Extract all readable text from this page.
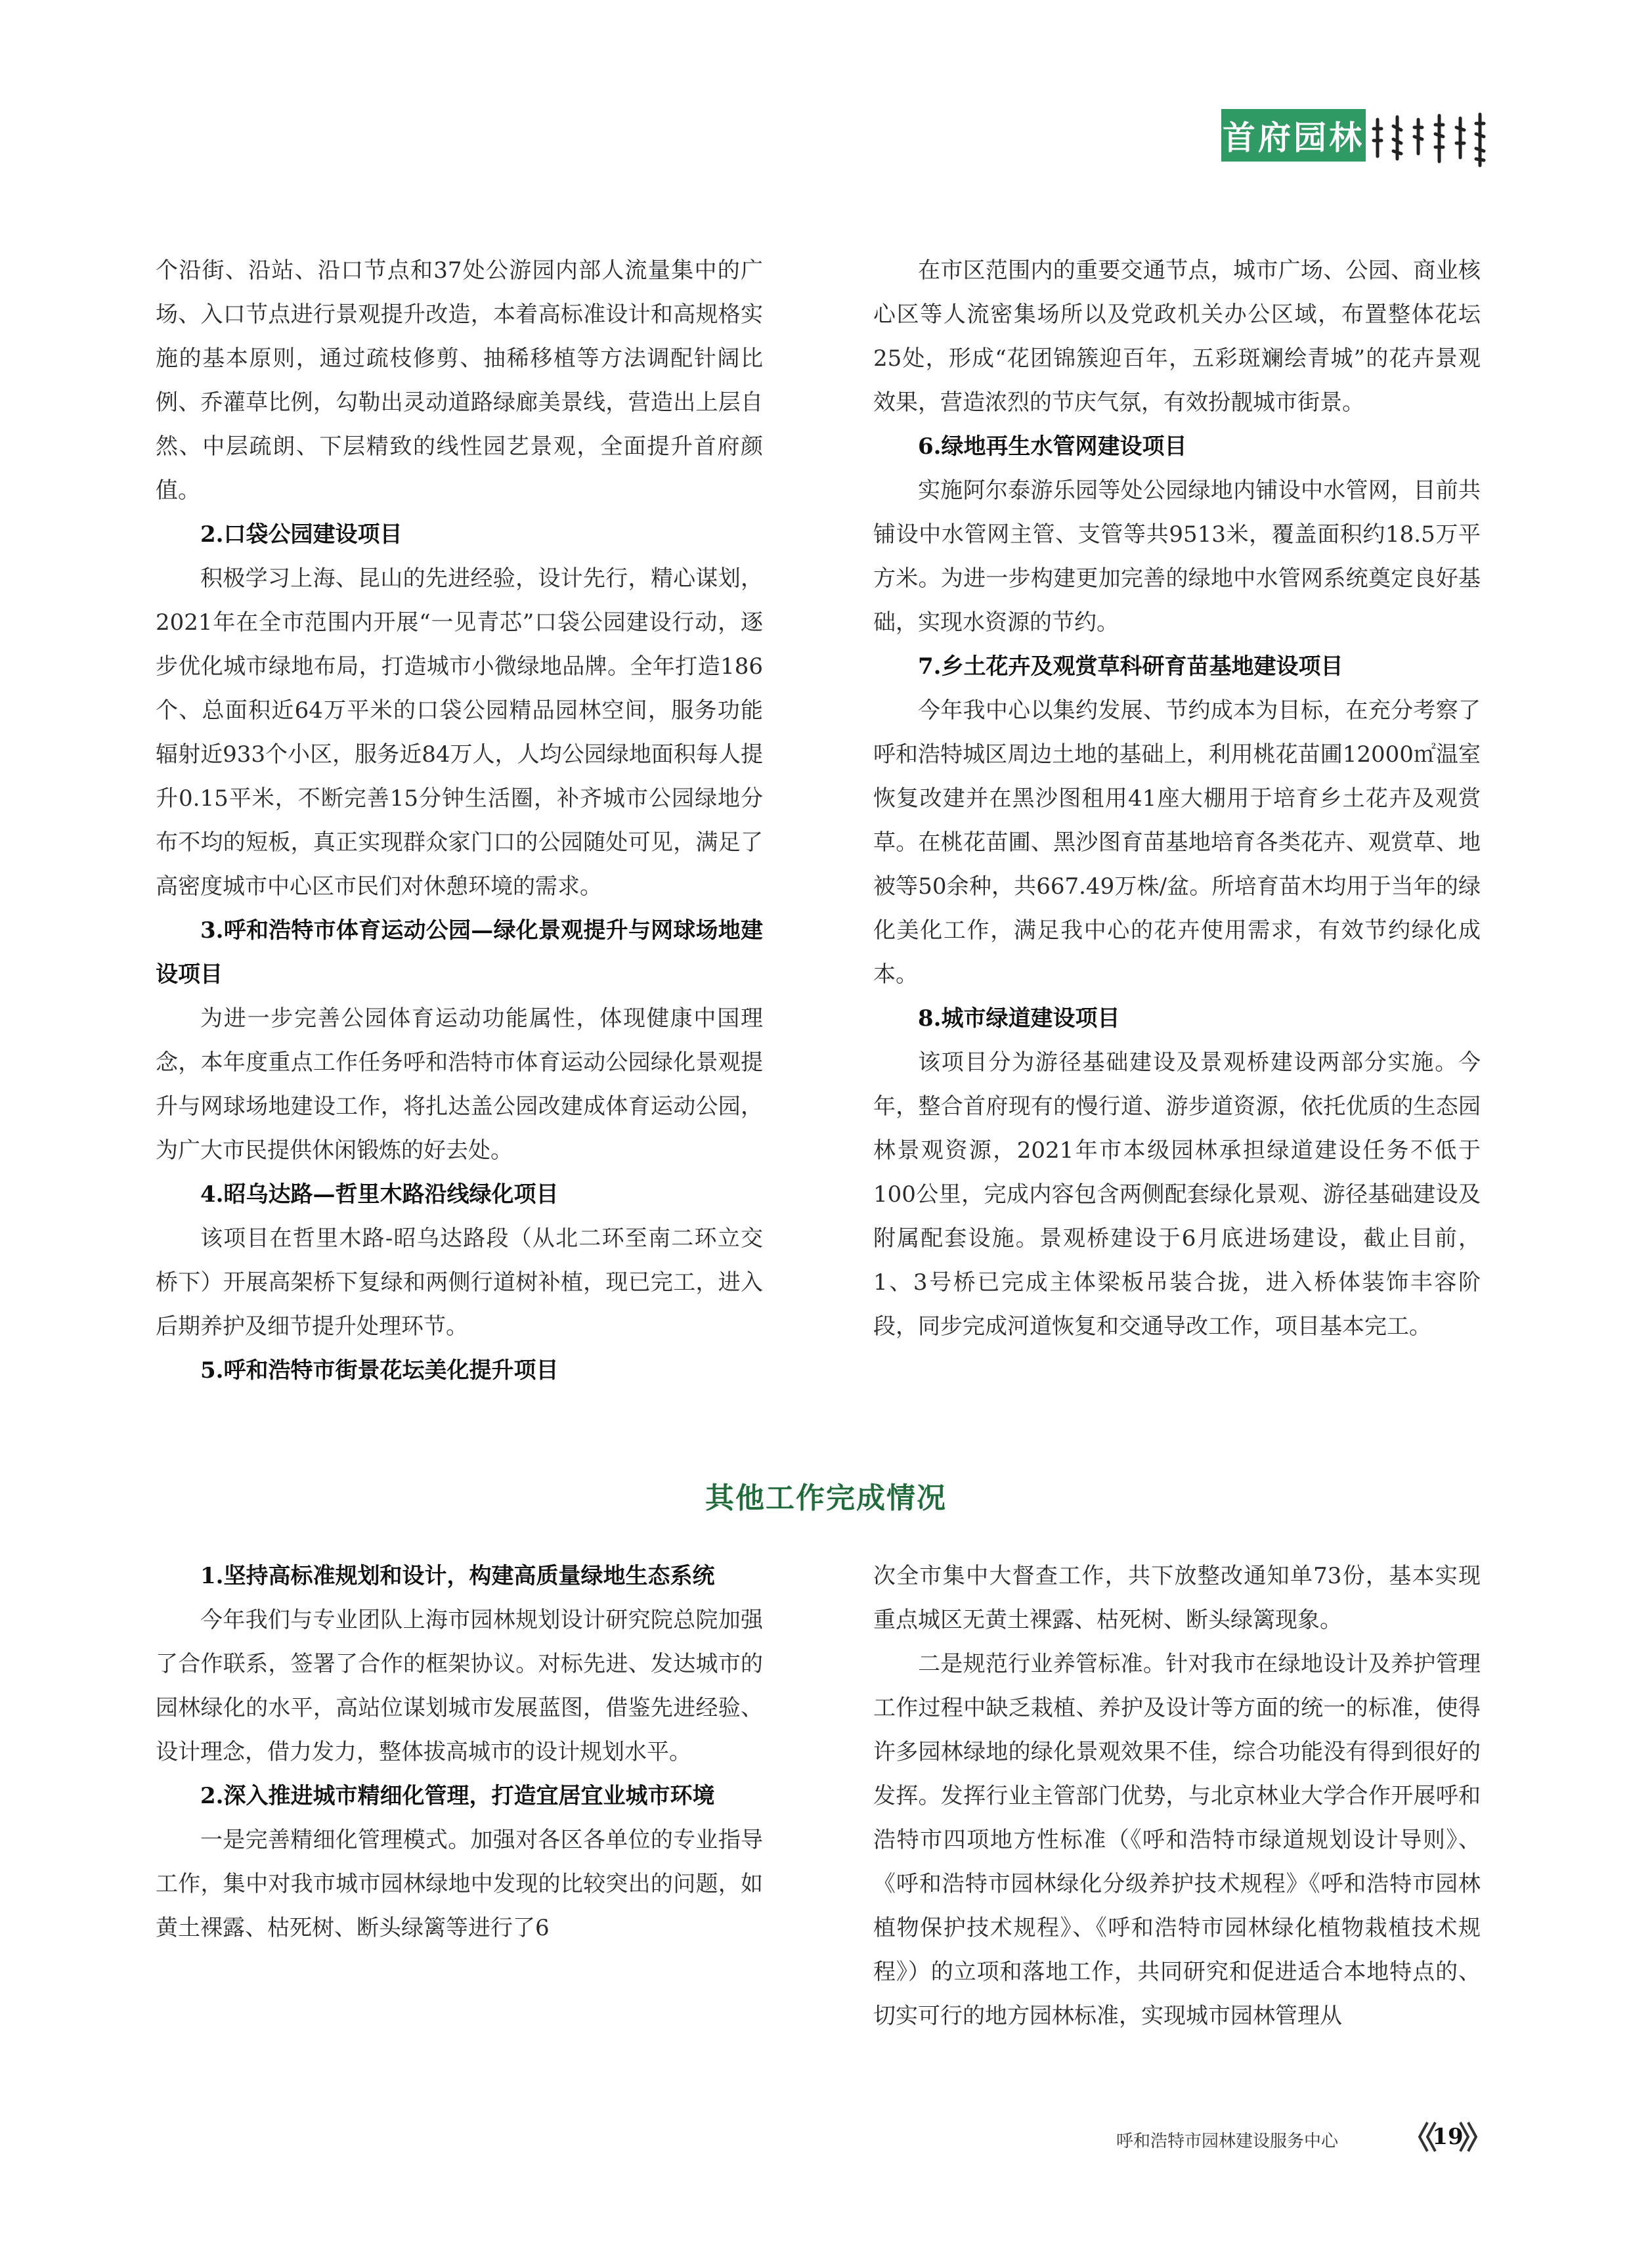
首府园林

个沿街、沿站、沿口节点和37处公游园内部人流量集中的广场、入口节点进行景观提升改造，本着高标准设计和高规格实施的基本原则，通过疏枝修剪、抽稀移植等方法调配针阔比例、乔灌草比例，勾勒出灵动道路绿廊美景线，营造出上层自然、中层疏朗、下层精致的线性园艺景观，全面提升首府颜值。

2.口袋公园建设项目

积极学习上海、昆山的先进经验，设计先行，精心谋划，2021年在全市范围内开展“一见青芯”口袋公园建设行动，逐步优化城市绿地布局，打造城市小微绿地品牌。全年打造186个、总面积近64万平米的口袋公园精品园林空间，服务功能辐射近933个小区，服务近84万人，人均公园绿地面积每人提升0.15平米，不断完善15分钟生活圈，补齐城市公园绿地分布不均的短板，真正实现群众家门口的公园随处可见，满足了高密度城市中心区市民们对休憩环境的需求。

3.呼和浩特市体育运动公园—绿化景观提升与网球场地建设项目

为进一步完善公园体育运动功能属性，体现健康中国理念，本年度重点工作任务呼和浩特市体育运动公园绿化景观提升与网球场地建设工作，将扎达盖公园改建成体育运动公园，为广大市民提供休闲锻炼的好去处。

4.昭乌达路—哲里木路沿线绿化项目

该项目在哲里木路-昭乌达路段（从北二环至南二环立交桥下）开展高架桥下复绿和两侧行道树补植，现已完工，进入后期养护及细节提升处理环节。

5.呼和浩特市街景花坛美化提升项目

在市区范围内的重要交通节点，城市广场、公园、商业核心区等人流密集场所以及党政机关办公区域，布置整体花坛25处，形成“花团锦簇迎百年，五彩斑斓绘青城”的花卉景观效果，营造浓烈的节庆气氛，有效扮靓城市街景。

6.绿地再生水管网建设项目

实施阿尔泰游乐园等处公园绿地内铺设中水管网，目前共铺设中水管网主管、支管等共9513米，覆盖面积约18.5万平方米。为进一步构建更加完善的绿地中水管网系统奠定良好基础，实现水资源的节约。

7.乡土花卉及观赏草科研育苗基地建设项目

今年我中心以集约发展、节约成本为目标，在充分考察了呼和浩特城区周边土地的基础上，利用桃花苗圃12000㎡温室恢复改建并在黑沙图租用41座大棚用于培育乡土花卉及观赏草。在桃花苗圃、黑沙图育苗基地培育各类花卉、观赏草、地被等50余种，共667.49万株/盆。所培育苗木均用于当年的绿化美化工作，满足我中心的花卉使用需求，有效节约绿化成本。

8.城市绿道建设项目

该项目分为游径基础建设及景观桥建设两部分实施。今年，整合首府现有的慢行道、游步道资源，依托优质的生态园林景观资源，2021年市本级园林承担绿道建设任务不低于100公里，完成内容包含两侧配套绿化景观、游径基础建设及附属配套设施。景观桥建设于6月底进场建设，截止目前，1、3号桥已完成主体梁板吊装合拢，进入桥体装饰丰容阶段，同步完成河道恢复和交通导改工作，项目基本完工。

其他工作完成情况

1.坚持高标准规划和设计，构建高质量绿地生态系统

今年我们与专业团队上海市园林规划设计研究院总院加强了合作联系，签署了合作的框架协议。对标先进、发达城市的园林绿化的水平，高站位谋划城市发展蓝图，借鉴先进经验、设计理念，借力发力，整体拔高城市的设计规划水平。

2.深入推进城市精细化管理，打造宜居宜业城市环境

一是完善精细化管理模式。加强对各区各单位的专业指导工作，集中对我市城市园林绿地中发现的比较突出的问题，如黄土裸露、枯死树、断头绿篱等进行了6

次全市集中大督查工作，共下放整改通知单73份，基本实现重点城区无黄土裸露、枯死树、断头绿篱现象。

二是规范行业养管标准。针对我市在绿地设计及养护管理工作过程中缺乏栽植、养护及设计等方面的统一的标准，使得许多园林绿地的绿化景观效果不佳，综合功能没有得到很好的发挥。发挥行业主管部门优势，与北京林业大学合作开展呼和浩特市四项地方性标准（《呼和浩特市绿道规划设计导则》、《呼和浩特市园林绿化分级养护技术规程》《呼和浩特市园林植物保护技术规程》、《呼和浩特市园林绿化植物栽植技术规程》）的立项和落地工作，共同研究和促进适合本地特点的、切实可行的地方园林标准，实现城市园林管理从

呼和浩特市园林建设服务中心	19
